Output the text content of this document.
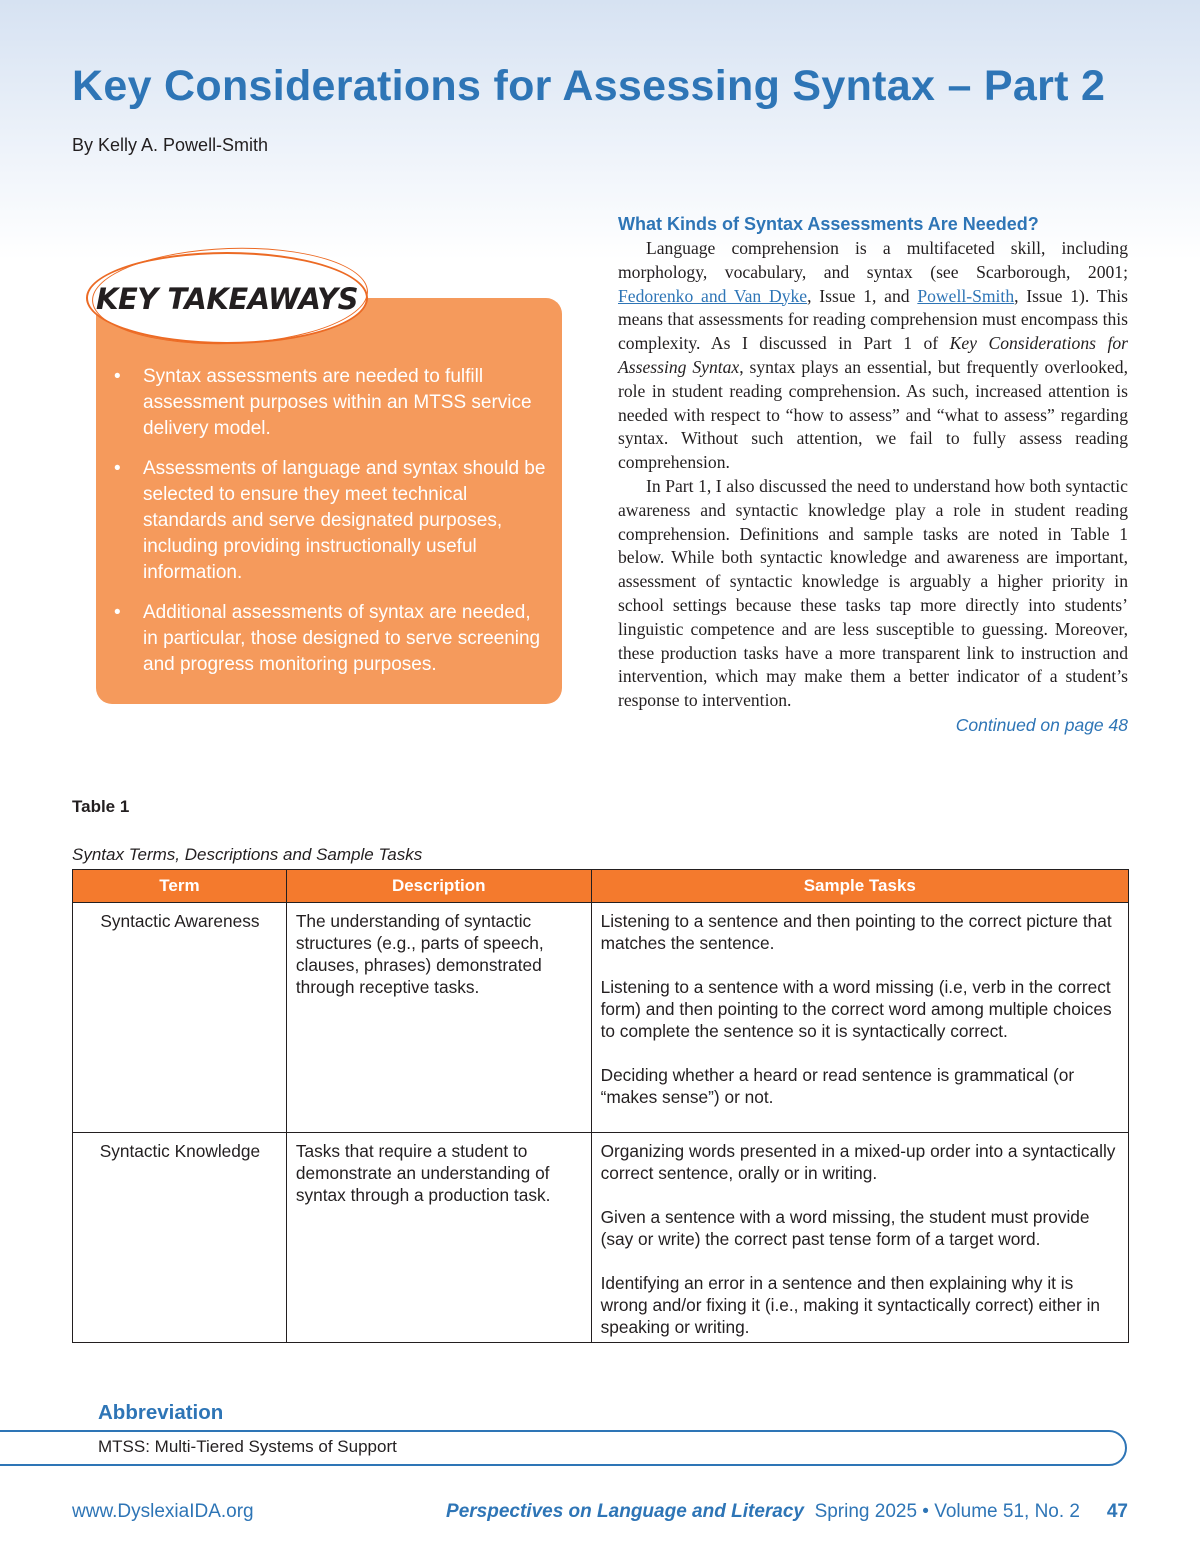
Key Considerations for Assessing Syntax – Part 2
By Kelly A. Powell-Smith
KEY TAKEAWAYS
• Syntax assessments are needed to fulfill assessment purposes within an MTSS service delivery model.
• Assessments of language and syntax should be selected to ensure they meet technical standards and serve designated purposes, including providing instructionally useful information.
• Additional assessments of syntax are needed, in particular, those designed to serve screening and progress monitoring purposes.
What Kinds of Syntax Assessments Are Needed?

Language comprehension is a multifaceted skill, including morphology, vocabulary, and syntax (see Scarborough, 2001; Fedorenko and Van Dyke, Issue 1, and Powell-Smith, Issue 1). This means that assessments for reading comprehension must encompass this complexity. As I discussed in Part 1 of Key Considerations for Assessing Syntax, syntax plays an essential, but frequently overlooked, role in student reading comprehension. As such, increased attention is needed with respect to “how to assess” and “what to assess” regarding syntax. Without such attention, we fail to fully assess reading comprehension.

In Part 1, I also discussed the need to understand how both syntactic awareness and syntactic knowledge play a role in student reading comprehension. Definitions and sample tasks are noted in Table 1 below. While both syntactic knowledge and awareness are important, assessment of syntactic knowledge is arguably a higher priority in school settings because these tasks tap more directly into students’ linguistic competence and are less susceptible to guessing. Moreover, these production tasks have a more transparent link to instruction and intervention, which may make them a better indicator of a student’s response to intervention.

Continued on page 48
Table 1
Syntax Terms, Descriptions and Sample Tasks
Term	Description	Sample Tasks
Syntactic Awareness	The understanding of syntactic structures (e.g., parts of speech, clauses, phrases) demonstrated through receptive tasks.	Listening to a sentence and then pointing to the correct picture that matches the sentence.

Listening to a sentence with a word missing (i.e, verb in the correct form) and then pointing to the correct word among multiple choices to complete the sentence so it is syntactically correct.

Deciding whether a heard or read sentence is grammatical (or “makes sense”) or not.

Syntactic Knowledge	Tasks that require a student to demonstrate an understanding of syntax through a production task.	Organizing words presented in a mixed-up order into a syntactically correct sentence, orally or in writing.

Given a sentence with a word missing, the student must provide (say or write) the correct past tense form of a target word.

Identifying an error in a sentence and then explaining why it is wrong and/or fixing it (i.e., making it syntactically correct) either in speaking or writing.

Abbreviation
MTSS: Multi-Tiered Systems of Support
www.DyslexiaIDA.org	Perspectives on Language and Literacy Spring 2025 • Volume 51, No. 2 47
